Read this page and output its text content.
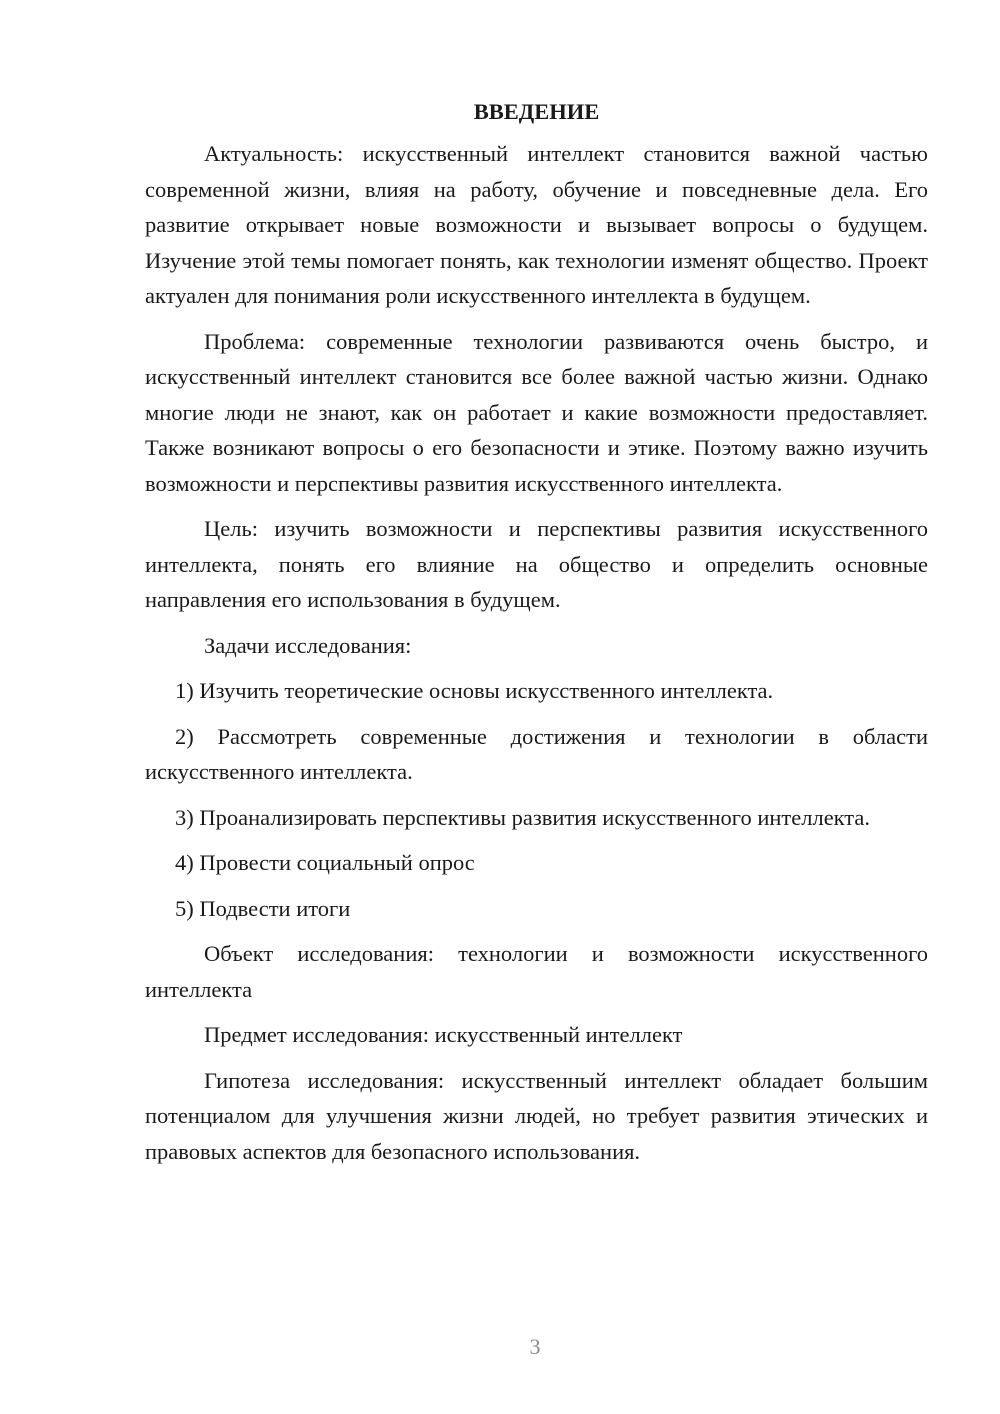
ВВЕДЕНИЕ

Актуальность: искусственный интеллект становится важной частью современной жизни, влияя на работу, обучение и повседневные дела. Его развитие открывает новые возможности и вызывает вопросы о будущем. Изучение этой темы помогает понять, как технологии изменят общество. Проект актуален для понимания роли искусственного интеллекта в будущем.

Проблема: современные технологии развиваются очень быстро, и искусственный интеллект становится все более важной частью жизни. Однако многие люди не знают, как он работает и какие возможности предоставляет. Также возникают вопросы о его безопасности и этике. Поэтому важно изучить возможности и перспективы развития искусственного интеллекта.

Цель: изучить возможности и перспективы развития искусственного интеллекта, понять его влияние на общество и определить основные направления его использования в будущем.

Задачи исследования:

1) Изучить теоретические основы искусственного интеллекта.

2) Рассмотреть современные достижения и технологии в области искусственного интеллекта.

3) Проанализировать перспективы развития искусственного интеллекта.

4) Провести социальный опрос

5) Подвести итоги

Объект исследования: технологии и возможности искусственного интеллекта

Предмет исследования: искусственный интеллект

Гипотеза исследования: искусственный интеллект обладает большим потенциалом для улучшения жизни людей, но требует развития этических и правовых аспектов для безопасного использования.

3
